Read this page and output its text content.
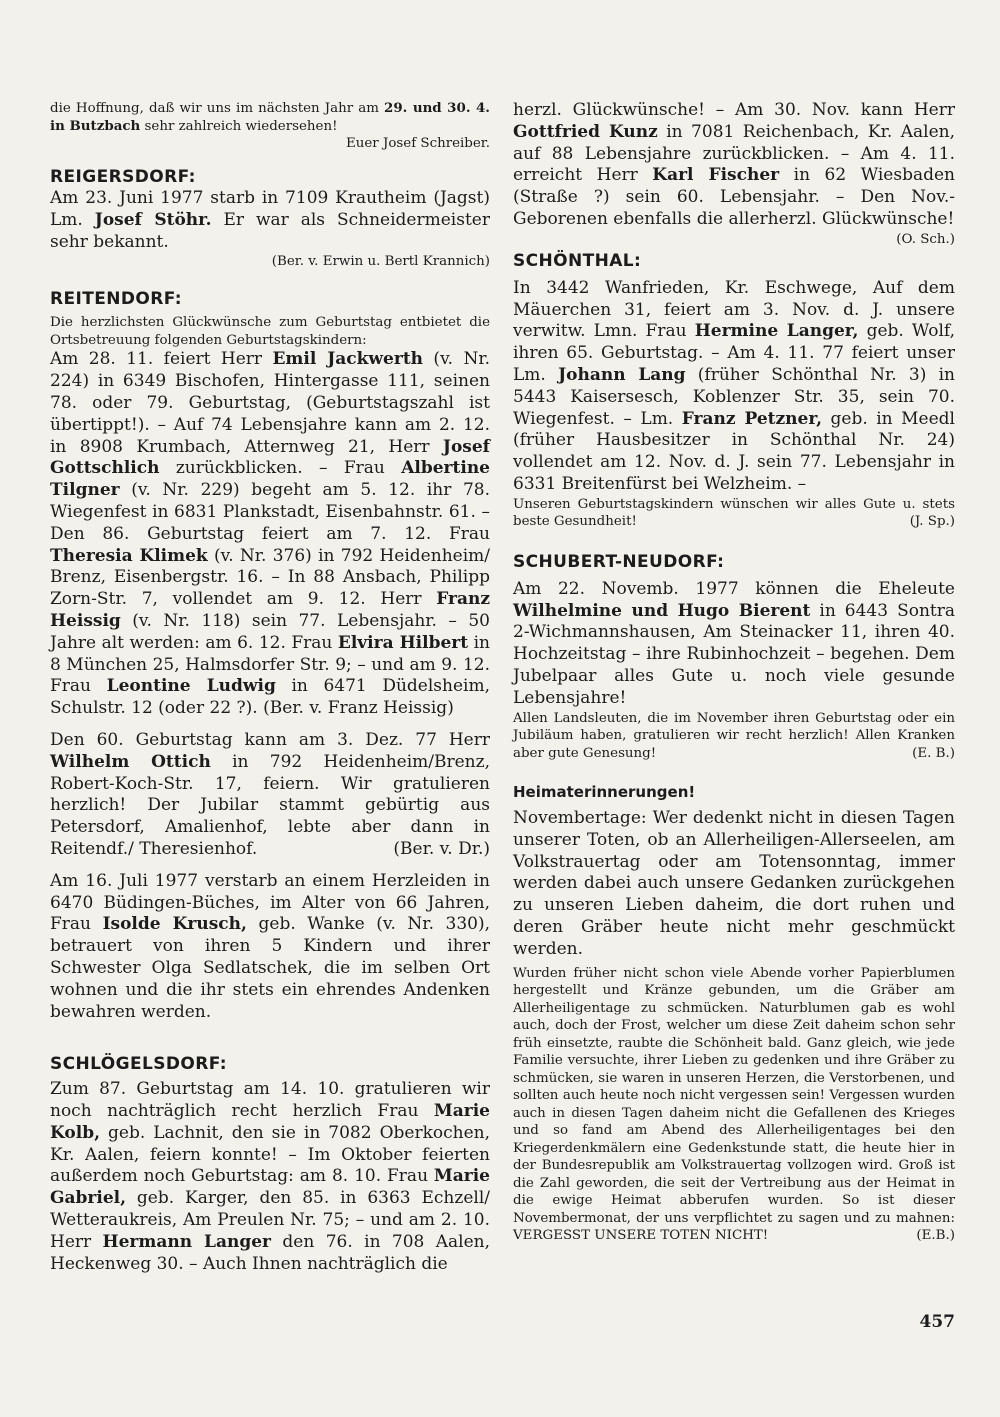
die Hoffnung, daß wir uns im nächsten Jahr am 29. und 30. 4. in Butzbach sehr zahlreich wiedersehen!
Euer Josef Schreiber.
REIGERSDORF:
Am 23. Juni 1977 starb in 7109 Krautheim (Jagst) Lm. Josef Stöhr. Er war als Schneidermeister sehr bekannt.
(Ber. v. Erwin u. Bertl Krannich)
REITENDORF:
Die herzlichsten Glückwünsche zum Geburtstag entbietet die Ortsbetreuung folgenden Geburtstagskindern:
Am 28. 11. feiert Herr Emil Jackwerth (v. Nr. 224) in 6349 Bischofen, Hintergasse 111, seinen 78. oder 79. Geburtstag, (Geburtstagszahl ist übertippt!). – Auf 74 Lebensjahre kann am 2. 12. in 8908 Krumbach, Atternweg 21, Herr Josef Gottschlich zurückblicken. – Frau Albertine Tilgner (v. Nr. 229) begeht am 5. 12. ihr 78. Wiegenfest in 6831 Plankstadt, Eisenbahnstr. 61. – Den 86. Geburtstag feiert am 7. 12. Frau Theresia Klimek (v. Nr. 376) in 792 Heidenheim/ Brenz, Eisenbergstr. 16. – In 88 Ansbach, Philipp Zorn-Str. 7, vollendet am 9. 12. Herr Franz Heissig (v. Nr. 118) sein 77. Lebensjahr. – 50 Jahre alt werden: am 6. 12. Frau Elvira Hilbert in 8 München 25, Halmsdorfer Str. 9; – und am 9. 12. Frau Leontine Ludwig in 6471 Düdelsheim, Schulstr. 12 (oder 22 ?). (Ber. v. Franz Heissig)
Den 60. Geburtstag kann am 3. Dez. 77 Herr Wilhelm Ottich in 792 Heidenheim/Brenz, Robert-Koch-Str. 17, feiern. Wir gratulieren herzlich! Der Jubilar stammt gebürtig aus Petersdorf, Amalienhof, lebte aber dann in Reitendf./ Theresienhof.	(Ber. v. Dr.)
Am 16. Juli 1977 verstarb an einem Herzleiden in 6470 Büdingen-Büches, im Alter von 66 Jahren, Frau Isolde Krusch, geb. Wanke (v. Nr. 330), betrauert von ihren 5 Kindern und ihrer Schwester Olga Sedlatschek, die im selben Ort wohnen und die ihr stets ein ehrendes Andenken bewahren werden.
SCHLÖGELSDORF:
Zum 87. Geburtstag am 14. 10. gratulieren wir noch nachträglich recht herzlich Frau Marie Kolb, geb. Lachnit, den sie in 7082 Oberkochen, Kr. Aalen, feiern konnte! – Im Oktober feierten außerdem noch Geburtstag: am 8. 10. Frau Marie Gabriel, geb. Karger, den 85. in 6363 Echzell/ Wetteraukreis, Am Preulen Nr. 75; – und am 2. 10. Herr Hermann Langer den 76. in 708 Aalen, Heckenweg 30. – Auch Ihnen nachträglich die
herzl. Glückwünsche! – Am 30. Nov. kann Herr Gottfried Kunz in 7081 Reichenbach, Kr. Aalen, auf 88 Lebensjahre zurückblicken. – Am 4. 11. erreicht Herr Karl Fischer in 62 Wiesbaden (Straße ?) sein 60. Lebensjahr. – Den Nov.-Geborenen ebenfalls die allerherzl. Glückwünsche!
(O. Sch.)
SCHÖNTHAL:
In 3442 Wanfrieden, Kr. Eschwege, Auf dem Mäuerchen 31, feiert am 3. Nov. d. J. unsere verwitw. Lmn. Frau Hermine Langer, geb. Wolf, ihren 65. Geburtstag. – Am 4. 11. 77 feiert unser Lm. Johann Lang (früher Schönthal Nr. 3) in 5443 Kaisersesch, Koblenzer Str. 35, sein 70. Wiegenfest. – Lm. Franz Petzner, geb. in Meedl (früher Hausbesitzer in Schönthal Nr. 24) vollendet am 12. Nov. d. J. sein 77. Lebensjahr in 6331 Breitenfürst bei Welzheim. –
Unseren Geburtstagskindern wünschen wir alles Gute u. stets beste Gesundheit!	(J. Sp.)
SCHUBERT-NEUDORF:
Am 22. Novemb. 1977 können die Eheleute Wilhelmine und Hugo Bierent in 6443 Sontra 2-Wichmannshausen, Am Steinacker 11, ihren 40. Hochzeitstag – ihre Rubinhochzeit – begehen. Dem Jubelpaar alles Gute u. noch viele gesunde Lebensjahre!
Allen Landsleuten, die im November ihren Geburtstag oder ein Jubiläum haben, gratulieren wir recht herzlich! Allen Kranken aber gute Genesung!	(E. B.)
Heimaterinnerungen!
Novembertage: Wer dedenkt nicht in diesen Tagen unserer Toten, ob an Allerheiligen-Allerseelen, am Volkstrauertag oder am Totensonntag, immer werden dabei auch unsere Gedanken zurückgehen zu unseren Lieben daheim, die dort ruhen und deren Gräber heute nicht mehr geschmückt werden.
Wurden früher nicht schon viele Abende vorher Papierblumen hergestellt und Kränze gebunden, um die Gräber am Allerheiligentage zu schmücken. Naturblumen gab es wohl auch, doch der Frost, welcher um diese Zeit daheim schon sehr früh einsetzte, raubte die Schönheit bald. Ganz gleich, wie jede Familie versuchte, ihrer Lieben zu gedenken und ihre Gräber zu schmücken, sie waren in unseren Herzen, die Verstorbenen, und sollten auch heute noch nicht vergessen sein! Vergessen wurden auch in diesen Tagen daheim nicht die Gefallenen des Krieges und so fand am Abend des Allerheiligentages bei den Kriegerdenkmälern eine Gedenkstunde statt, die heute hier in der Bundesrepublik am Volkstrauertag vollzogen wird. Groß ist die Zahl geworden, die seit der Vertreibung aus der Heimat in die ewige Heimat abberufen wurden. So ist dieser Novembermonat, der uns verpflichtet zu sagen und zu mahnen: VERGESST UNSERE TOTEN NICHT!	(E.B.)
457
